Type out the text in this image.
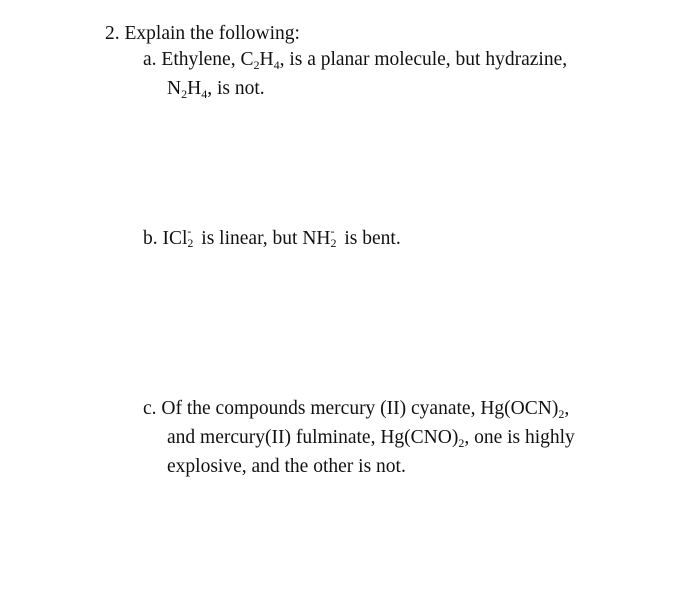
2. Explain the following:
a. Ethylene, $C_2H_4$, is a planar molecule, but hydrazine,
$N_2H_4$, is not.
b. ICl -
2 is linear, but NH -
2 is bent.
c. Of the compounds mercury (II) cyanate, $Hg(OCN)_2$,
and mercury(II) fulminate, $Hg(CNO)_2$, one is highly
explosive, and the other is not.
